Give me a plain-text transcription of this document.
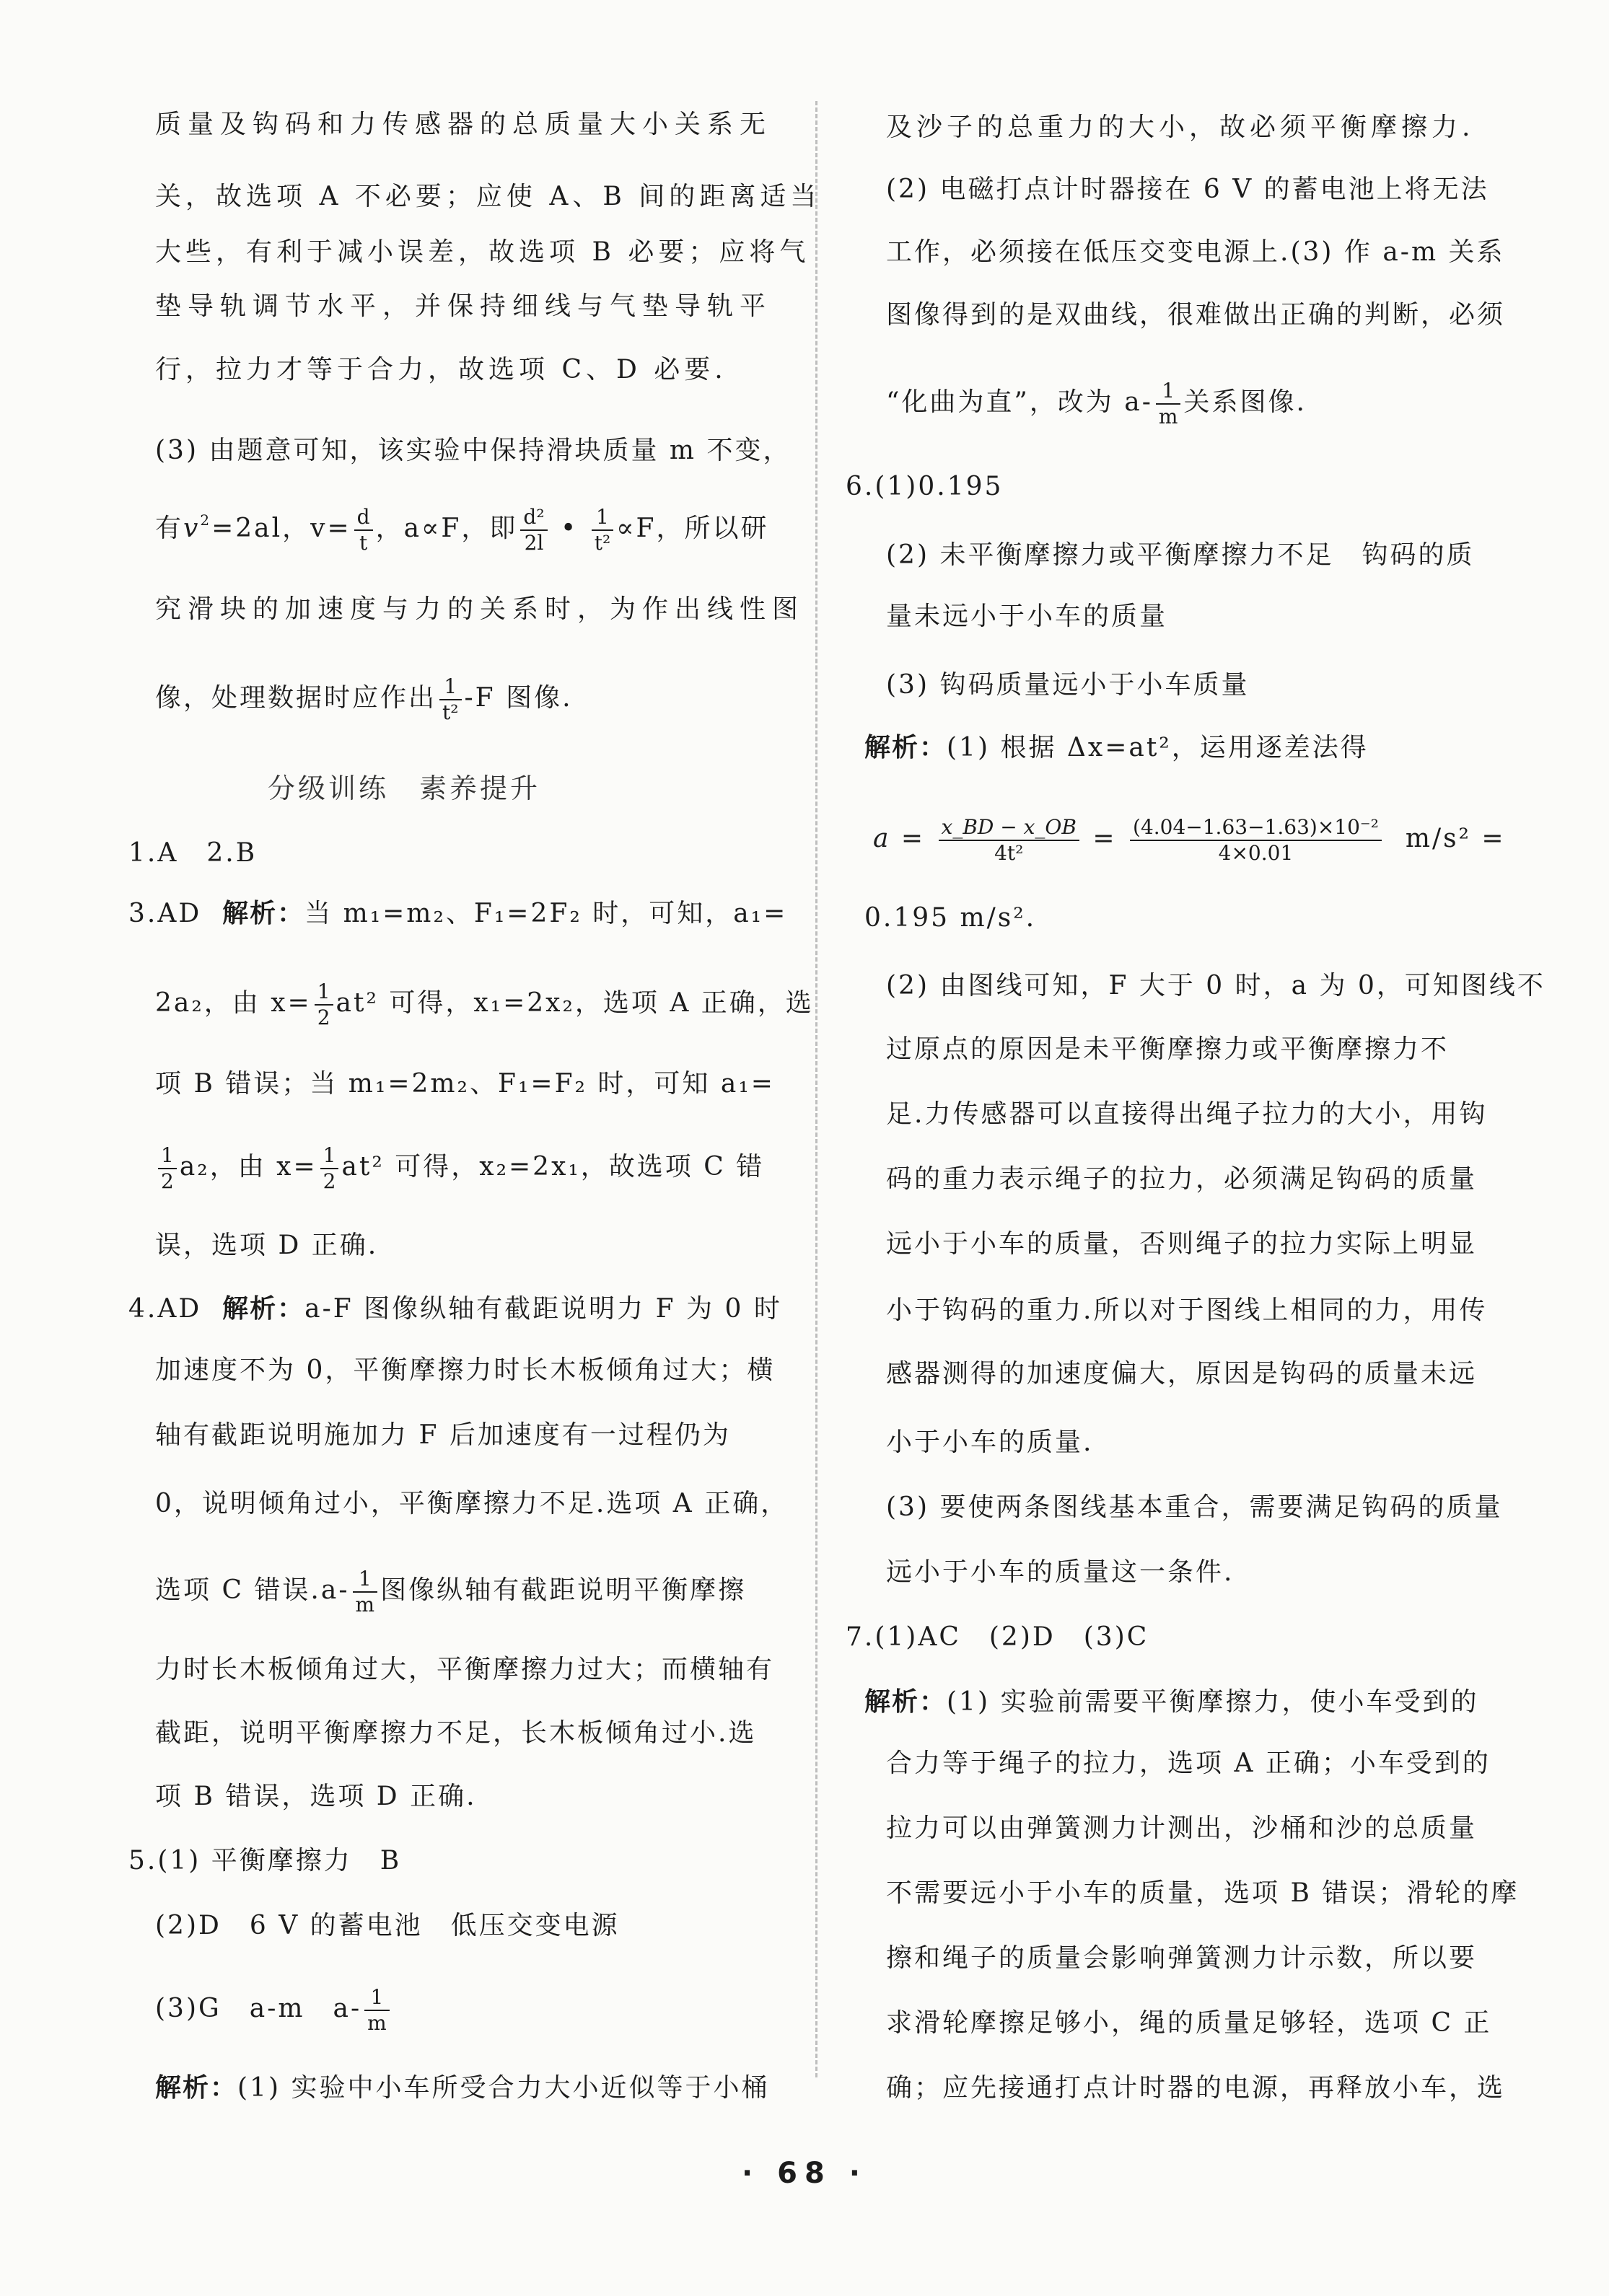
质量及钩码和力传感器的总质量大小关系无
关，故选项 A 不必要；应使 A、B 间的距离适当
大些，有利于减小误差，故选项 B 必要；应将气
垫导轨调节水平，并保持细线与气垫导轨平
行，拉力才等于合力，故选项 C、D 必要.
(3) 由题意可知，该实验中保持滑块质量 m 不变，
有$v^2=2al$，$v= \frac{d}{t}$ ，a∝F，即 $\frac{\text{d²}}{2l}$ • $\frac{1}{\text{t²}} \propto F$，所以研
究滑块的加速度与力的关系时，为作出线性图
像，处理数据时应作出 $\frac{1}{\text{t²}} -F$ 图像.
分级训练　素养提升
1.A　2.B
3.AD 解析：当 m₁=m₂、F₁=2F₂ 时，可知，a₁=
2a₂，由 $x= \frac{1}{2} at^2$ 可得，x₁=2x₂，选项 A 正确，选
项 B 错误；当 m₁=2m₂、F₁=F₂ 时，可知 a₁=
$\frac{1}{2} a_2$，由 $x= \frac{1}{2} at^2$ 可得，x₂=2x₁，故选项 C 错
误，选项 D 正确.
4.AD 解析：a-F 图像纵轴有截距说明力 F 为 0 时
加速度不为 0，平衡摩擦力时长木板倾角过大；横
轴有截距说明施加力 F 后加速度有一过程仍为
0，说明倾角过小，平衡摩擦力不足.选项 A 正确，
选项 C 错误$.a- \frac{1}{m}$ 图像纵轴有截距说明平衡摩擦
力时长木板倾角过大，平衡摩擦力过大；而横轴有
截距，说明平衡摩擦力不足，长木板倾角过小.选
项 B 错误，选项 D 正确.
5.(1) 平衡摩擦力　B
(2)D　6 V 的蓄电池　低压交变电源
(3)G　a-m　$a- \frac{1}{m}$
解析：(1) 实验中小车所受合力大小近似等于小桶
及沙子的总重力的大小，故必须平衡摩擦力.
(2) 电磁打点计时器接在 6 V 的蓄电池上将无法
工作，必须接在低压交变电源上.(3) 作 a-m 关系
图像得到的是双曲线，很难做出正确的判断，必须
“化曲为直”，改为 $a- \frac{1}{m}$ 关系图像.
6.(1)0.195
(2) 未平衡摩擦力或平衡摩擦力不足　钩码的质
量未远小于小车的质量
(3) 钩码质量远小于小车质量
解析：(1) 根据 Δx=at²，运用逐差法得
$a = \frac{x\_BD - x\_OB}{\text{4t²}} = \frac{\text{(4.04−1.63−1.63)×10⁻²}}{4\times 0.01} m/s^2$ =
0.195 m/s².
(2) 由图线可知，F 大于 0 时，a 为 0，可知图线不
过原点的原因是未平衡摩擦力或平衡摩擦力不
足.力传感器可以直接得出绳子拉力的大小，用钩
码的重力表示绳子的拉力，必须满足钩码的质量
远小于小车的质量，否则绳子的拉力实际上明显
小于钩码的重力.所以对于图线上相同的力，用传
感器测得的加速度偏大，原因是钩码的质量未远
小于小车的质量.
(3) 要使两条图线基本重合，需要满足钩码的质量
远小于小车的质量这一条件.
7.(1)AC　(2)D　(3)C
解析：(1) 实验前需要平衡摩擦力，使小车受到的
合力等于绳子的拉力，选项 A 正确；小车受到的
拉力可以由弹簧测力计测出，沙桶和沙的总质量
不需要远小于小车的质量，选项 B 错误；滑轮的摩
擦和绳子的质量会影响弹簧测力计示数，所以要
求滑轮摩擦足够小，绳的质量足够轻，选项 C 正
确；应先接通打点计时器的电源，再释放小车，选
· 68 ·
